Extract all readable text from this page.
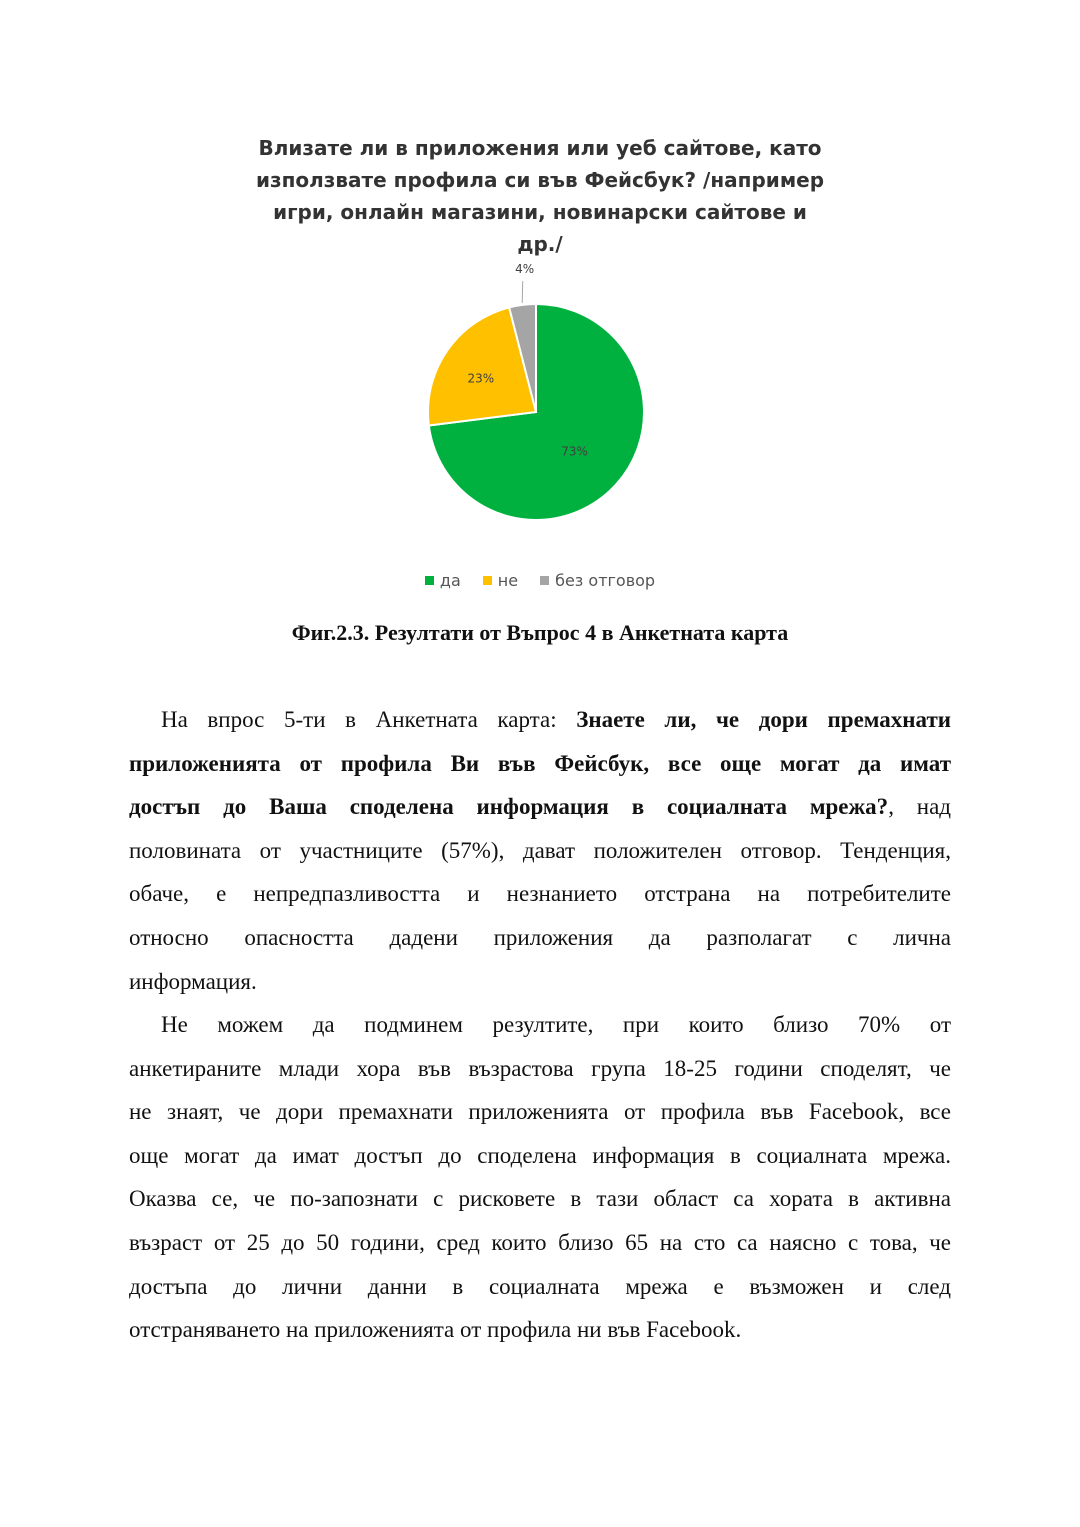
Влизате ли в приложения или уеб сайтове, като
използвате профила си във Фейсбук? /например
игри, онлайн магазини, новинарски сайтове и
др./
73%
23%
4%
да не без отговор
Фиг.2.3. Резултати от Въпрос 4 в Анкетната карта
На впрос 5-ти в Анкетната карта: Знаете ли, че дори премахнати
приложенията от профила Ви във Фейсбук, все още могат да имат
достъп до Ваша споделена информация в социалната мрежа?, над
половината от участниците (57%), дават положителен отговор. Тенденция,
обаче, е непредпазливостта и незнанието отстрана на потребителите
относно опасността дадени приложения да разполагат с лична
информация.
Не можем да подминем резултите, при които близо 70% от
анкетираните млади хора във възрастова група 18-25 години споделят, че
не знаят, че дори премахнати приложенията от профила във Facebook, все
още могат да имат достъп до споделена информация в социалната мрежа.
Оказва се, че по-запознати с рисковете в тази област са хората в активна
възраст от 25 до 50 години, сред които близо 65 на сто са наясно с това, че
достъпа до лични данни в социалната мрежа е възможен и след
отстраняването на приложенията от профила ни във Facebook.
